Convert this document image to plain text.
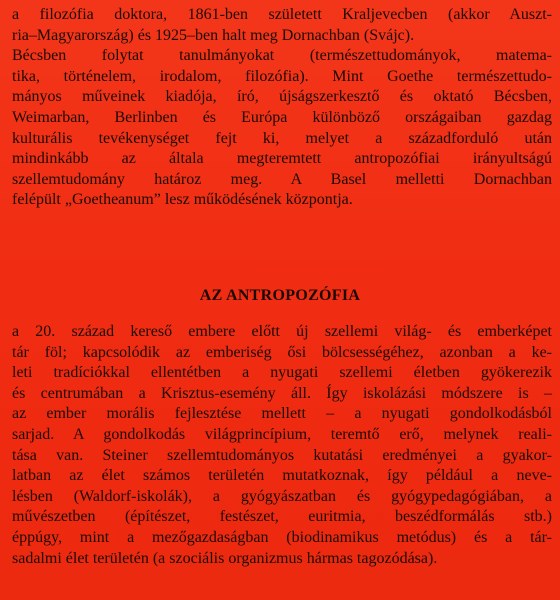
a filozófia doktora, 1861-ben született Kraljevecben (akkor Auszt-
ria–Magyarország) és 1925–ben halt meg Dornachban (Svájc).
Bécsben folytat tanulmányokat (természettudományok, matema-
tika, történelem, irodalom, filozófia). Mint Goethe természettudo-
mányos műveinek kiadója, író, újságszerkesztő és oktató Bécsben,
Weimarban, Berlinben és Európa különböző országaiban gazdag
kulturális tevékenységet fejt ki, melyet a századforduló után
mindinkább az általa megteremtett antropozófiai irányultságú
szellemtudomány határoz meg. A Basel melletti Dornachban
felépült „Goetheanum” lesz működésének központja.
AZ ANTROPOZÓFIA
a 20. század kereső embere előtt új szellemi világ- és emberképet
tár föl; kapcsolódik az emberiség ősi bölcsességéhez, azonban a ke-
leti tradíciókkal ellentétben a nyugati szellemi életben gyökerezik
és centrumában a Krisztus-esemény áll. Így iskolázási módszere is –
az ember morális fejlesztése mellett – a nyugati gondolkodásból
sarjad. A gondolkodás világprincípium, teremtő erő, melynek reali-
tása van. Steiner szellemtudományos kutatási eredményei a gyakor-
latban az élet számos területén mutatkoznak, így például a neve-
lésben (Waldorf-iskolák), a gyógyászatban és gyógypedagógiában, a
művészetben (építészet, festészet, euritmia, beszédformálás stb.)
éppúgy, mint a mezőgazdaságban (biodinamikus metódus) és a tár-
sadalmi élet területén (a szociális organizmus hármas tagozódása).
